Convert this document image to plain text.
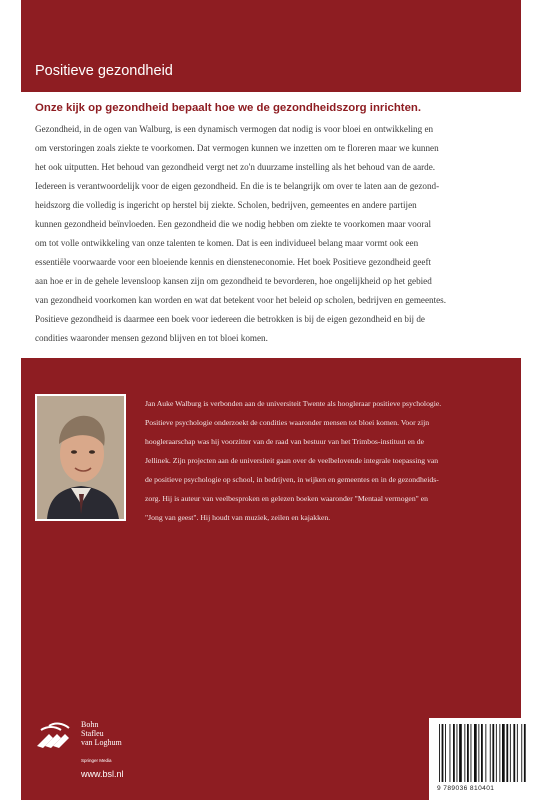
Positieve gezondheid
Onze kijk op gezondheid bepaalt hoe we de gezondheidszorg inrichten.
Gezondheid, in de ogen van Walburg, is een dynamisch vermogen dat nodig is voor bloei en ontwikkeling en
om verstoringen zoals ziekte te voorkomen. Dat vermogen kunnen we inzetten om te floreren maar we kunnen
het ook uitputten. Het behoud van gezondheid vergt net zo'n duurzame instelling als het behoud van de aarde.
Iedereen is verantwoordelijk voor de eigen gezondheid. En die is te belangrijk om over te laten aan de gezond-
heidszorg die volledig is ingericht op herstel bij ziekte. Scholen, bedrijven, gemeentes en andere partijen
kunnen gezondheid beïnvloeden. Een gezondheid die we nodig hebben om ziekte te voorkomen maar vooral
om tot volle ontwikkeling van onze talenten te komen. Dat is een individueel belang maar vormt ook een
essentiële voorwaarde voor een bloeiende kennis en diensteneconomie. Het boek Positieve gezondheid geeft
aan hoe er in de gehele levensloop kansen zijn om gezondheid te bevorderen, hoe ongelijkheid op het gebied
van gezondheid voorkomen kan worden en wat dat betekent voor het beleid op scholen, bedrijven en gemeentes.
Positieve gezondheid is daarmee een boek voor iedereen die betrokken is bij de eigen gezondheid en bij de
condities waaronder mensen gezond blijven en tot bloei komen.
Jan Auke Walburg is verbonden aan de universiteit Twente als hoogleraar positieve psychologie.
Positieve psychologie onderzoekt de condities waaronder mensen tot bloei komen. Voor zijn
hoogleraarschap was hij voorzitter van de raad van bestuur van het Trimbos-instituut en de
Jellinek. Zijn projecten aan de universiteit gaan over de veelbelovende integrale toepassing van
de positieve psychologie op school, in bedrijven, in wijken en gemeentes en in de gezondheids-
zorg. Hij is auteur van veelbesproken en gelezen boeken waaronder "Mentaal vermogen" en
"Jong van geest". Hij houdt van muziek, zeilen en kajakken.
Bohn
Stafleu
van Loghum
Springer Media
www.bsl.nl
9 789036 810401
